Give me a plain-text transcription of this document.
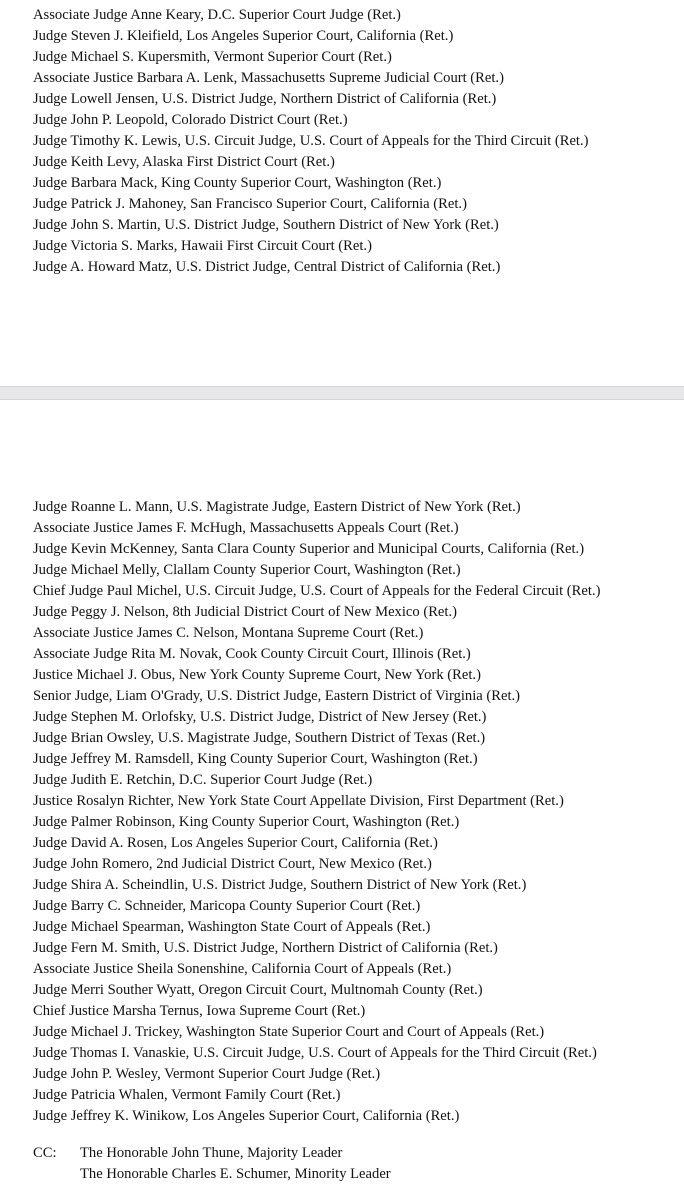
Associate Judge Anne Keary, D.C. Superior Court Judge (Ret.)
Judge Steven J. Kleifield, Los Angeles Superior Court, California (Ret.)
Judge Michael S. Kupersmith, Vermont Superior Court (Ret.)
Associate Justice Barbara A. Lenk, Massachusetts Supreme Judicial Court (Ret.)
Judge Lowell Jensen, U.S. District Judge, Northern District of California (Ret.)
Judge John P. Leopold, Colorado District Court (Ret.)
Judge Timothy K. Lewis, U.S. Circuit Judge, U.S. Court of Appeals for the Third Circuit (Ret.)
Judge Keith Levy, Alaska First District Court (Ret.)
Judge Barbara Mack, King County Superior Court, Washington (Ret.)
Judge Patrick J. Mahoney, San Francisco Superior Court, California (Ret.)
Judge John S. Martin, U.S. District Judge, Southern District of New York (Ret.)
Judge Victoria S. Marks, Hawaii First Circuit Court (Ret.)
Judge A. Howard Matz, U.S. District Judge, Central District of California (Ret.)
Judge Roanne L. Mann, U.S. Magistrate Judge, Eastern District of New York (Ret.)
Associate Justice James F. McHugh, Massachusetts Appeals Court (Ret.)
Judge Kevin McKenney, Santa Clara County Superior and Municipal Courts, California (Ret.)
Judge Michael Melly, Clallam County Superior Court, Washington (Ret.)
Chief Judge Paul Michel, U.S. Circuit Judge, U.S. Court of Appeals for the Federal Circuit (Ret.)
Judge Peggy J. Nelson, 8th Judicial District Court of New Mexico (Ret.)
Associate Justice James C. Nelson, Montana Supreme Court (Ret.)
Associate Judge Rita M. Novak, Cook County Circuit Court, Illinois (Ret.)
Justice Michael J. Obus, New York County Supreme Court, New York (Ret.)
Senior Judge, Liam O'Grady, U.S. District Judge, Eastern District of Virginia (Ret.)
Judge Stephen M. Orlofsky, U.S. District Judge, District of New Jersey (Ret.)
Judge Brian Owsley, U.S. Magistrate Judge, Southern District of Texas (Ret.)
Judge Jeffrey M. Ramsdell, King County Superior Court, Washington (Ret.)
Judge Judith E. Retchin, D.C. Superior Court Judge (Ret.)
Justice Rosalyn Richter, New York State Court Appellate Division, First Department (Ret.)
Judge Palmer Robinson, King County Superior Court, Washington (Ret.)
Judge David A. Rosen, Los Angeles Superior Court, California (Ret.)
Judge John Romero, 2nd Judicial District Court, New Mexico (Ret.)
Judge Shira A. Scheindlin, U.S. District Judge, Southern District of New York (Ret.)
Judge Barry C. Schneider, Maricopa County Superior Court (Ret.)
Judge Michael Spearman, Washington State Court of Appeals (Ret.)
Judge Fern M. Smith, U.S. District Judge, Northern District of California (Ret.)
Associate Justice Sheila Sonenshine, California Court of Appeals (Ret.)
Judge Merri Souther Wyatt, Oregon Circuit Court, Multnomah County (Ret.)
Chief Justice Marsha Ternus, Iowa Supreme Court (Ret.)
Judge Michael J. Trickey, Washington State Superior Court and Court of Appeals (Ret.)
Judge Thomas I. Vanaskie, U.S. Circuit Judge, U.S. Court of Appeals for the Third Circuit (Ret.)
Judge John P. Wesley, Vermont Superior Court Judge (Ret.)
Judge Patricia Whalen, Vermont Family Court (Ret.)
Judge Jeffrey K. Winikow, Los Angeles Superior Court, California (Ret.)
CC: The Honorable John Thune, Majority Leader
The Honorable Charles E. Schumer, Minority Leader
